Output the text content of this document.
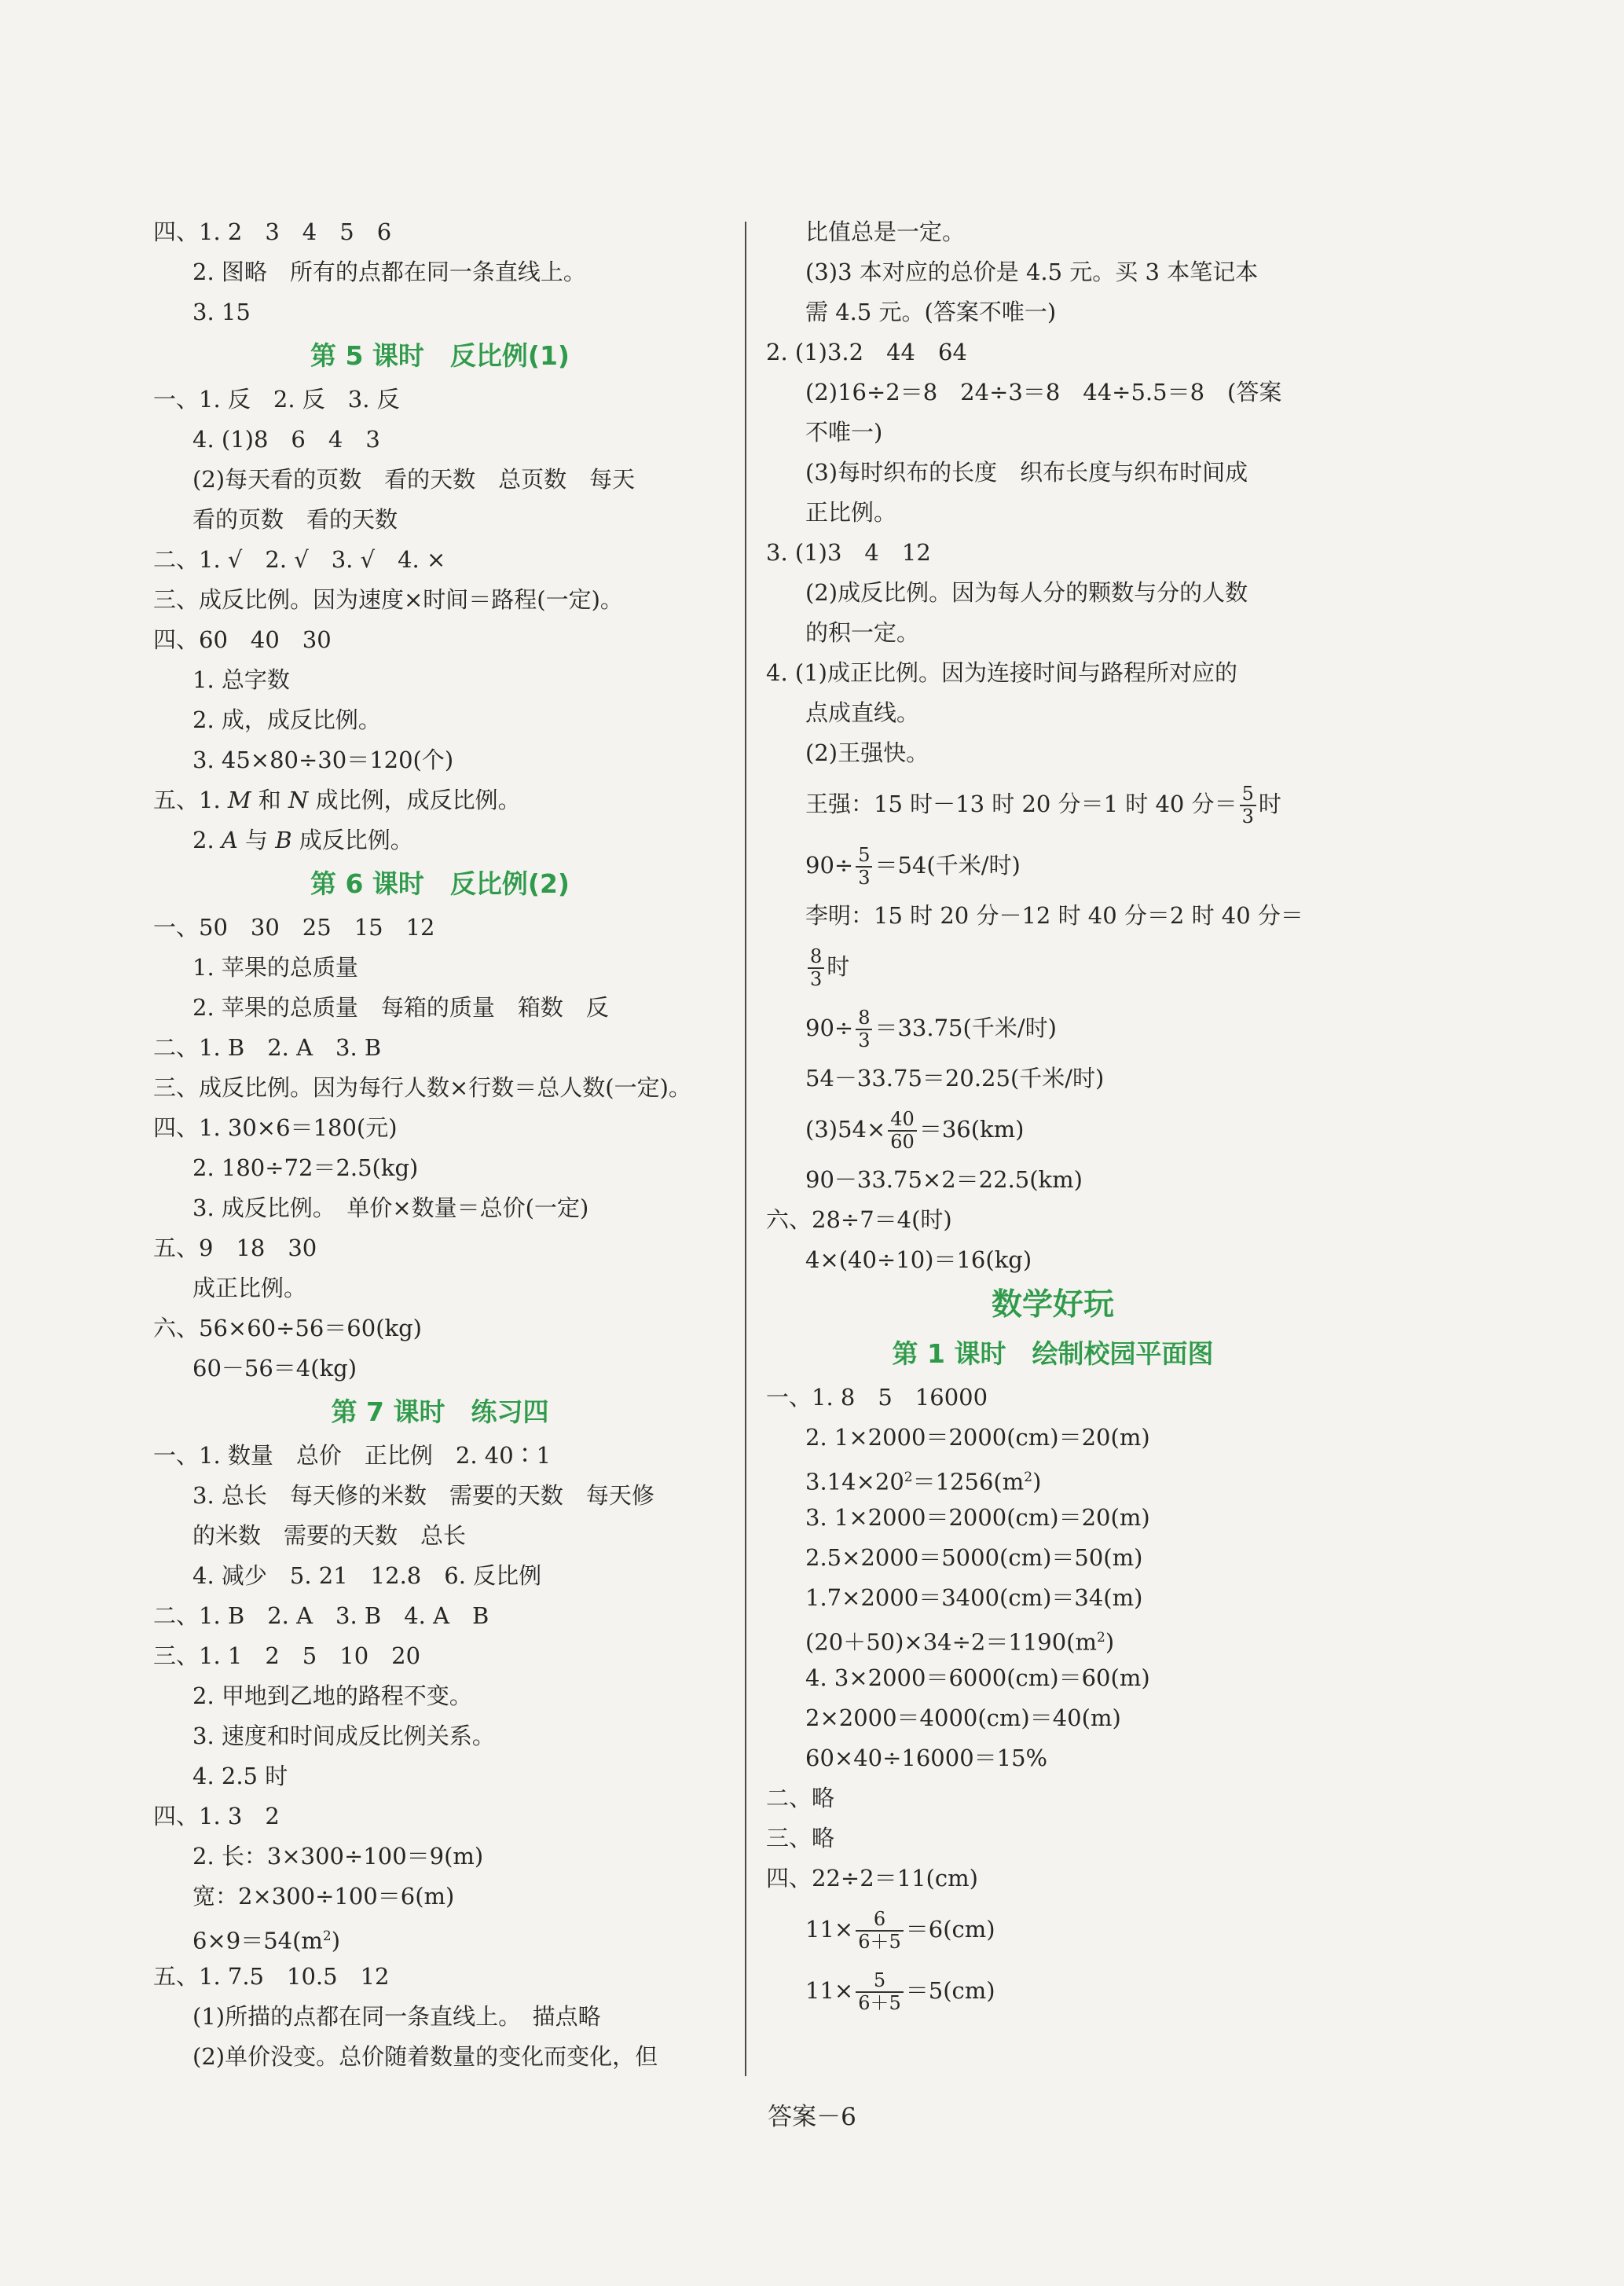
四、1. 2　3　4　5　6
2. 图略　所有的点都在同一条直线上。
3. 15
第 5 课时　反比例(1)
一、1. 反　2. 反　3. 反
4. (1)8　6　4　3
(2)每天看的页数　看的天数　总页数　每天
看的页数　看的天数
二、1. √　2. √　3. √　4. ×
三、成反比例。因为速度×时间＝路程(一定)。
四、60　40　30
1. 总字数
2. 成，成反比例。
3. 45×80÷30＝120(个)
五、1. M 和 N 成比例，成反比例。
2. A 与 B 成反比例。
第 6 课时　反比例(2)
一、50　30　25　15　12
1. 苹果的总质量
2. 苹果的总质量　每箱的质量　箱数　反
二、1. B　2. A　3. B
三、成反比例。因为每行人数×行数＝总人数(一定)。
四、1. 30×6＝180(元)
2. 180÷72＝2.5(kg)
3. 成反比例。　单价×数量＝总价(一定)
五、9　18　30
成正比例。
六、56×60÷56＝60(kg)
60－56＝4(kg)
第 7 课时　练习四
一、1. 数量　总价　正比例　2. 40∶1
3. 总长　每天修的米数　需要的天数　每天修
的米数　需要的天数　总长
4. 减少　5. 21　12.8　6. 反比例
二、1. B　2. A　3. B　4. A　B
三、1. 1　2　5　10　20
2. 甲地到乙地的路程不变。
3. 速度和时间成反比例关系。
4. 2.5 时
四、1. 3　2
2. 长：3×300÷100＝9(m)
宽：2×300÷100＝6(m)
$6\times 9=54(m^2)$
五、1. 7.5　10.5　12
(1)所描的点都在同一条直线上。　描点略
(2)单价没变。总价随着数量的变化而变化，但
比值总是一定。
(3)3 本对应的总价是 4.5 元。买 3 本笔记本
需 4.5 元。(答案不唯一)
2. (1)3.2　44　64
(2)16÷2＝8　24÷3＝8　44÷5.5＝8　(答案
不唯一)
(3)每时织布的长度　织布长度与织布时间成
正比例。
3. (1)3　4　12
(2)成反比例。因为每人分的颗数与分的人数
的积一定。
4. (1)成正比例。因为连接时间与路程所对应的
点成直线。
(2)王强快。
王强：15 时－13 时 20 分＝1 时 40 分＝ $\frac{5}{3}$ 时
$90\div \frac{5}{3} =54$(千米/时)
李明：15 时 20 分－12 时 40 分＝2 时 40 分＝
$\frac{8}{3}$ 时
$90\div \frac{8}{3} =33.75$(千米/时)
54－33.75＝20.25(千米/时)
$(3)54\times \frac{40}{60} =36(km)$
90－33.75×2＝22.5(km)
六、28÷7＝4(时)
4×(40÷10)＝16(kg)
数学好玩
第 1 课时　绘制校园平面图
一、1. 8　5　16000
2. 1×2000＝2000(cm)＝20(m)
$3.14\times 20^2=1256(m^2)$
3. 1×2000＝2000(cm)＝20(m)
2.5×2000＝5000(cm)＝50(m)
1.7×2000＝3400(cm)＝34(m)
$(20+50)\times 34\div 2=1190(m^2)$
4. 3×2000＝6000(cm)＝60(m)
2×2000＝4000(cm)＝40(m)
60×40÷16000＝15%
二、略
三、略
四、22÷2＝11(cm)
$11\times \frac{6}{6+5} =6(cm)$
$11\times \frac{5}{6+5} =5(cm)$
答案－6
